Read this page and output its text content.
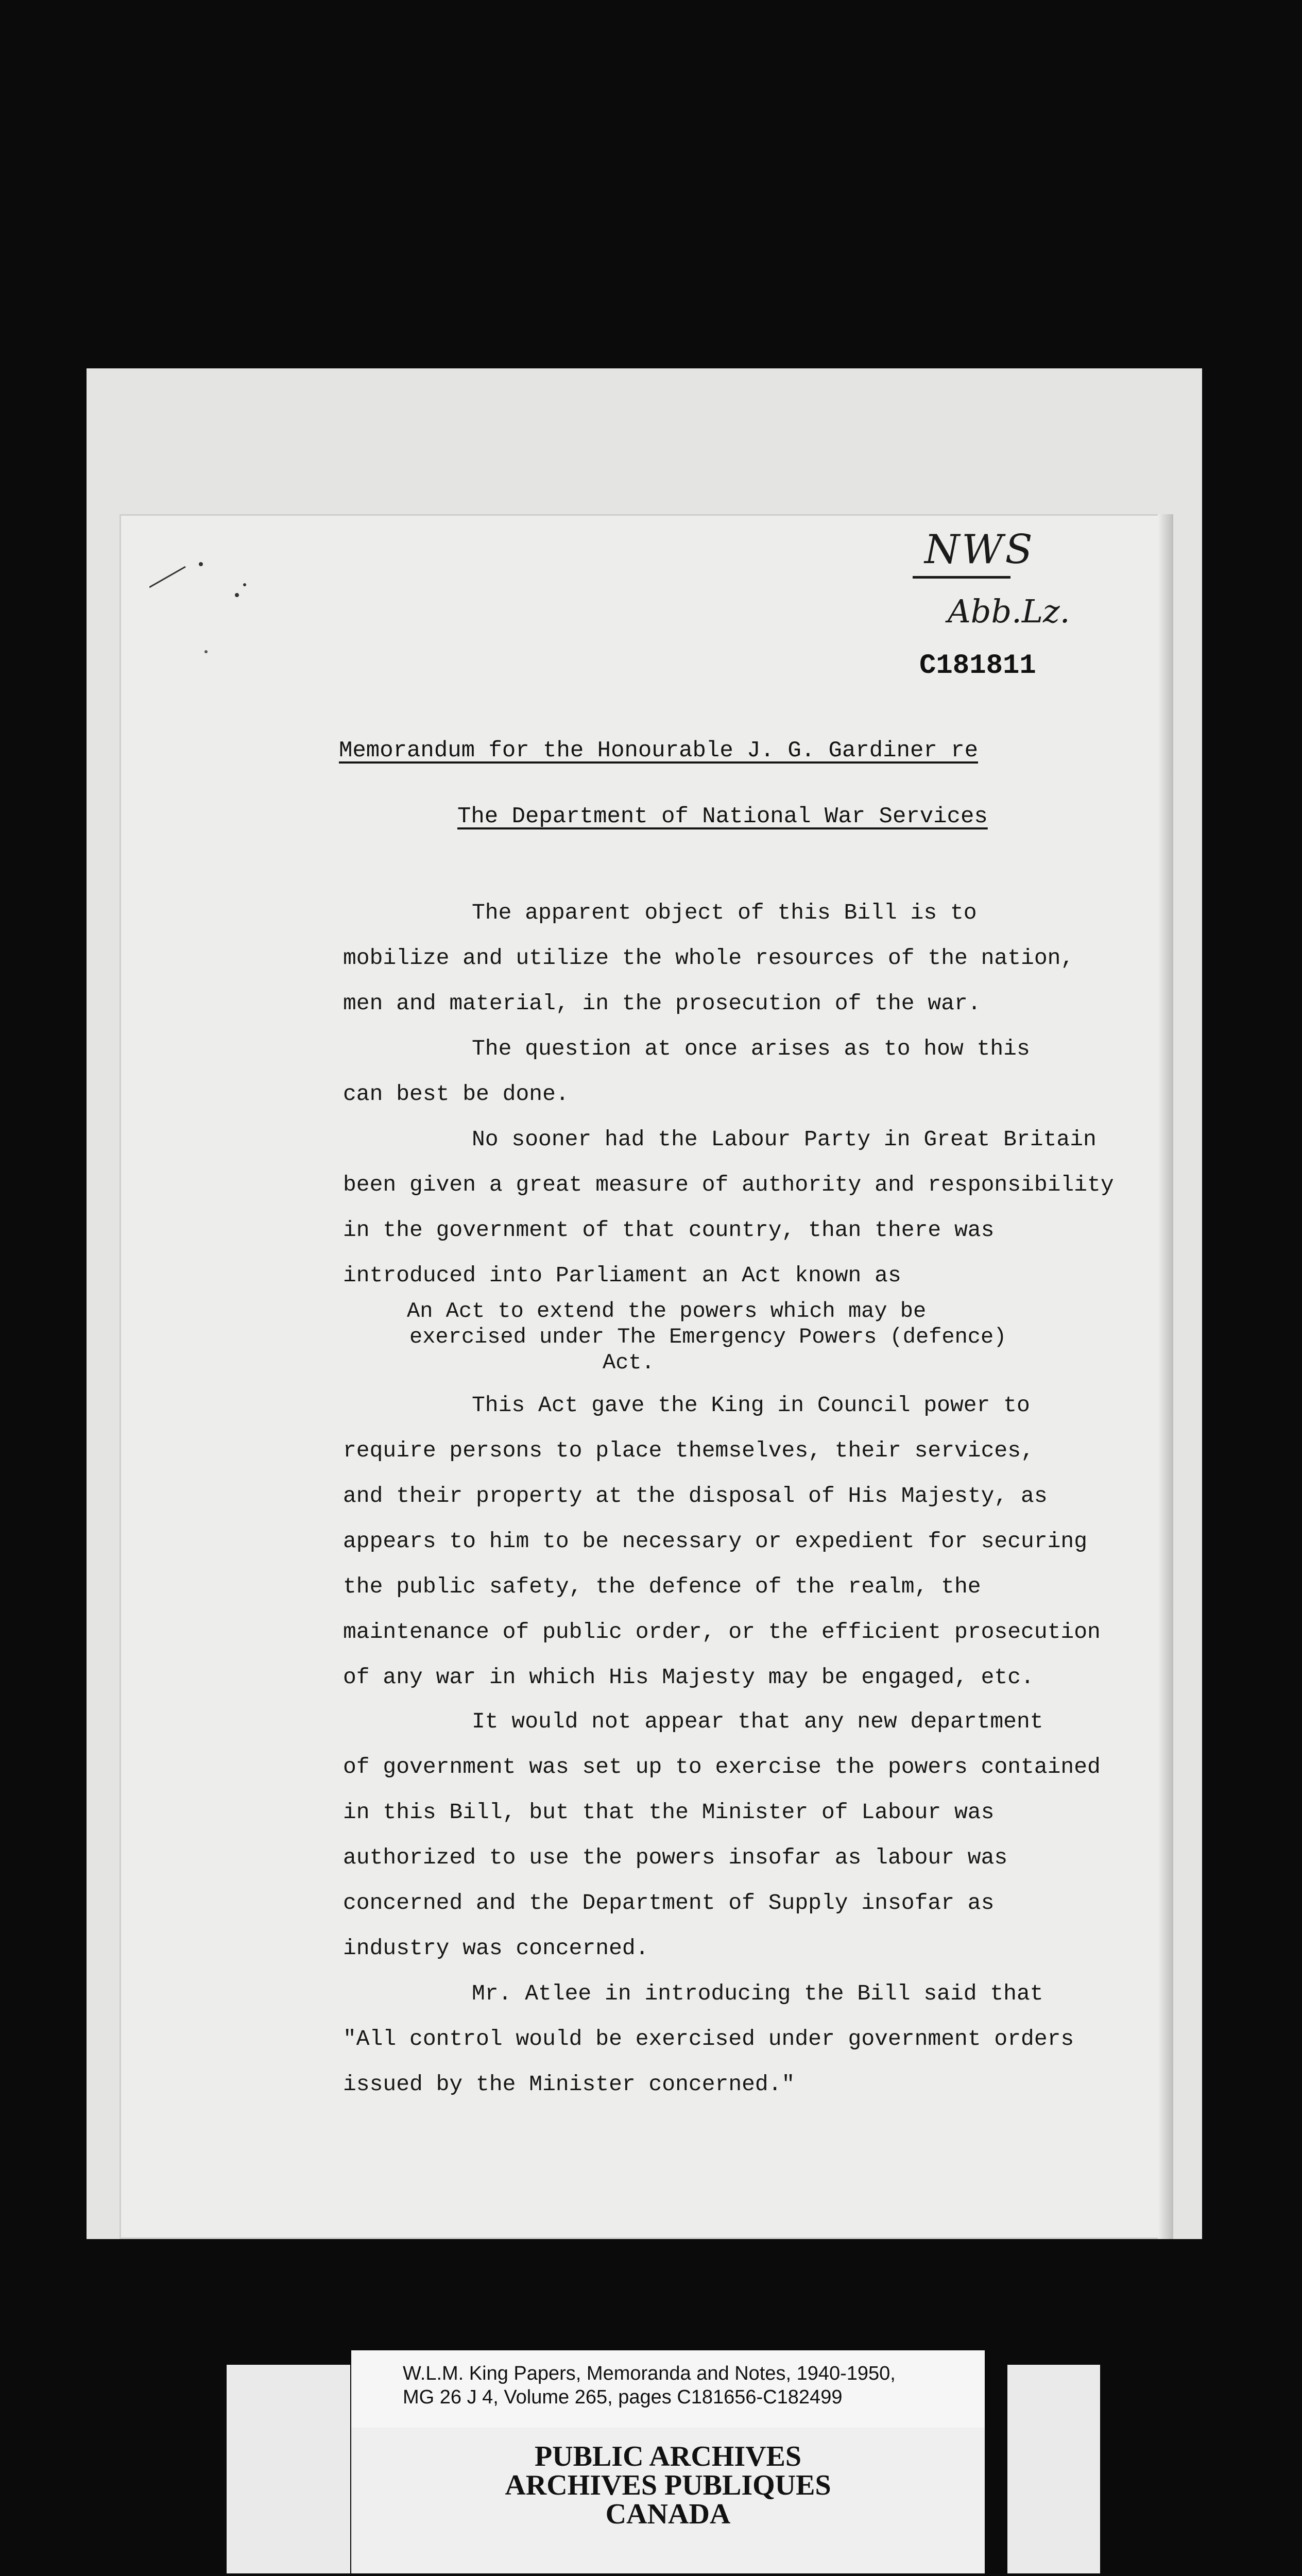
NWS
Abb.Lz.
C181811
Memorandum for the Honourable J. G. Gardiner re
The Department of National War Services
The apparent object of this Bill is to
mobilize and utilize the whole resources of the nation,
men and material, in the prosecution of the war.
The question at once arises as to how this
can best be done.
No sooner had the Labour Party in Great Britain
been given a great measure of authority and responsibility
in the government of that country, than there was
introduced into Parliament an Act known as
An Act to extend the powers which may be
exercised under The Emergency Powers (defence)
Act.
This Act gave the King in Council power to
require persons to place themselves, their services,
and their property at the disposal of His Majesty, as
appears to him to be necessary or expedient for securing
the public safety, the defence of the realm, the
maintenance of public order, or the efficient prosecution
of any war in which His Majesty may be engaged, etc.
It would not appear that any new department
of government was set up to exercise the powers contained
in this Bill, but that the Minister of Labour was
authorized to use the powers insofar as labour was
concerned and the Department of Supply insofar as
industry was concerned.
Mr. Atlee in introducing the Bill said that
"All control would be exercised under government orders
issued by the Minister concerned."
W.L.M. King Papers, Memoranda and Notes, 1940-1950,
MG 26 J 4, Volume 265, pages C181656-C182499
PUBLIC ARCHIVES
ARCHIVES PUBLIQUES
CANADA
